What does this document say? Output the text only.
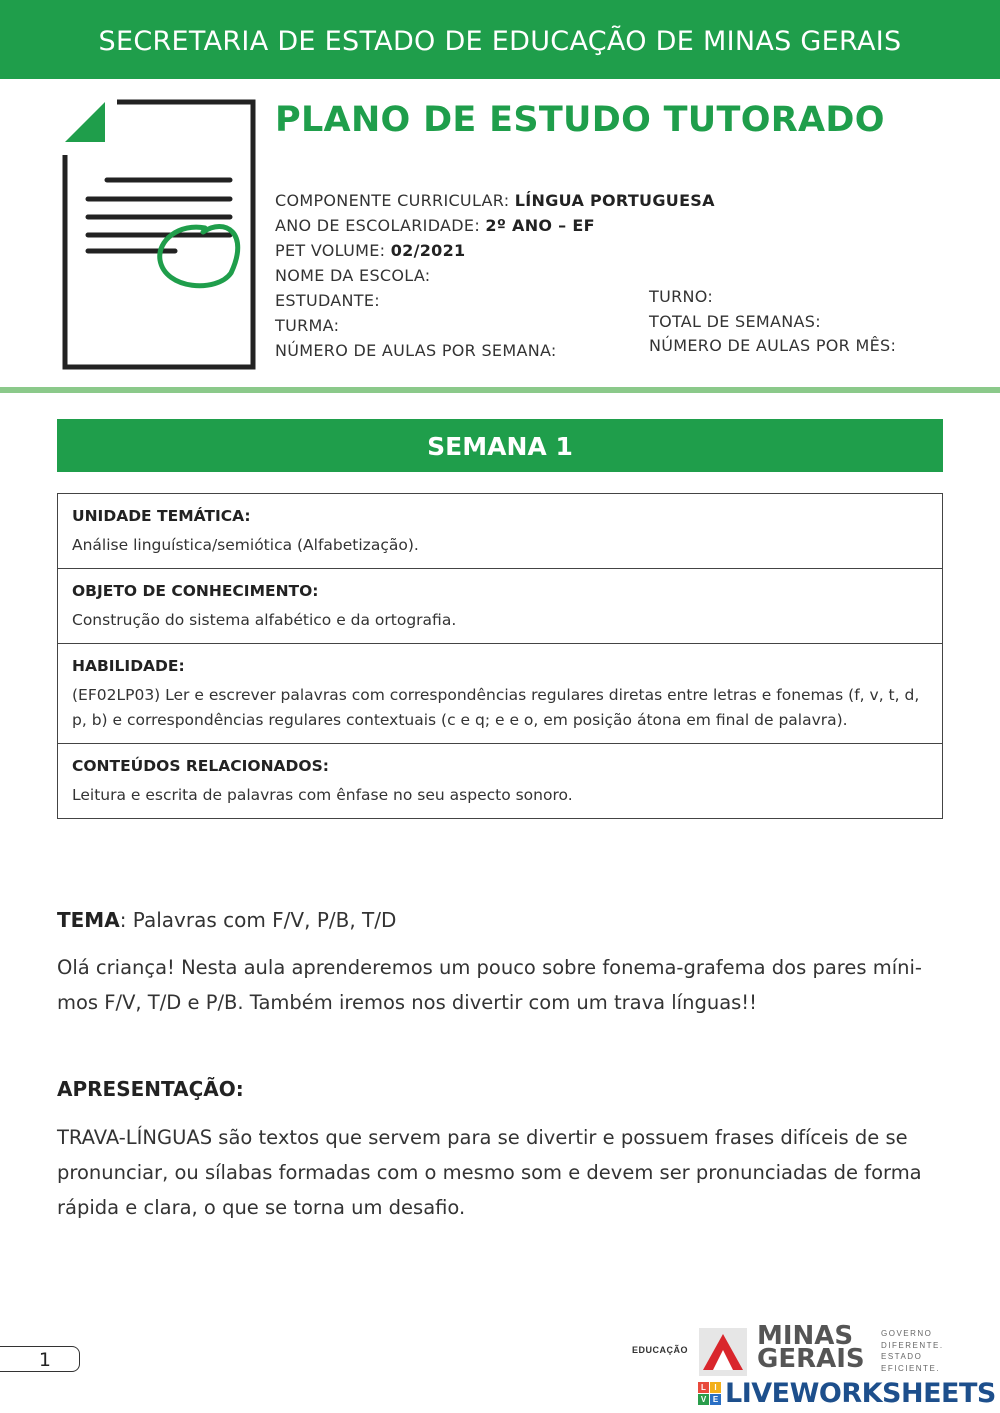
SECRETARIA DE ESTADO DE EDUCAÇÃO DE MINAS GERAIS
PLANO DE ESTUDO TUTORADO
COMPONENTE CURRICULAR: LÍNGUA PORTUGUESA
ANO DE ESCOLARIDADE: 2º ANO – EF
PET VOLUME: 02/2021
NOME DA ESCOLA:
ESTUDANTE:
TURMA:
NÚMERO DE AULAS POR SEMANA:
TURNO:
TOTAL DE SEMANAS:
NÚMERO DE AULAS POR MÊS:
SEMANA 1
UNIDADE TEMÁTICA:
Análise linguística/semiótica (Alfabetização).
OBJETO DE CONHECIMENTO:
Construção do sistema alfabético e da ortografia.
HABILIDADE:
(EF02LP03) Ler e escrever palavras com correspondências regulares diretas entre letras e fonemas (f, v, t, d, p, b) e correspondências regulares contextuais (c e q; e e o, em posição átona em final de palavra).
CONTEÚDOS RELACIONADOS:
Leitura e escrita de palavras com ênfase no seu aspecto sonoro.
TEMA: Palavras com F/V, P/B, T/D
Olá criança! Nesta aula aprenderemos um pouco sobre fonema-grafema dos pares míni-mos F/V, T/D e P/B. Também iremos nos divertir com um trava línguas!!
APRESENTAÇÃO:
TRAVA-LÍNGUAS são textos que servem para se divertir e possuem frases difíceis de se pronunciar, ou sílabas formadas com o mesmo som e devem ser pronunciadas de forma rápida e clara, o que se torna um desafio.
1	EDUCAÇÃO	MINAS
GERAIS
GOVERNO
DIFERENTE.
ESTADO
EFICIENTE.
L	I
V E LIVEWORKSHEETS
